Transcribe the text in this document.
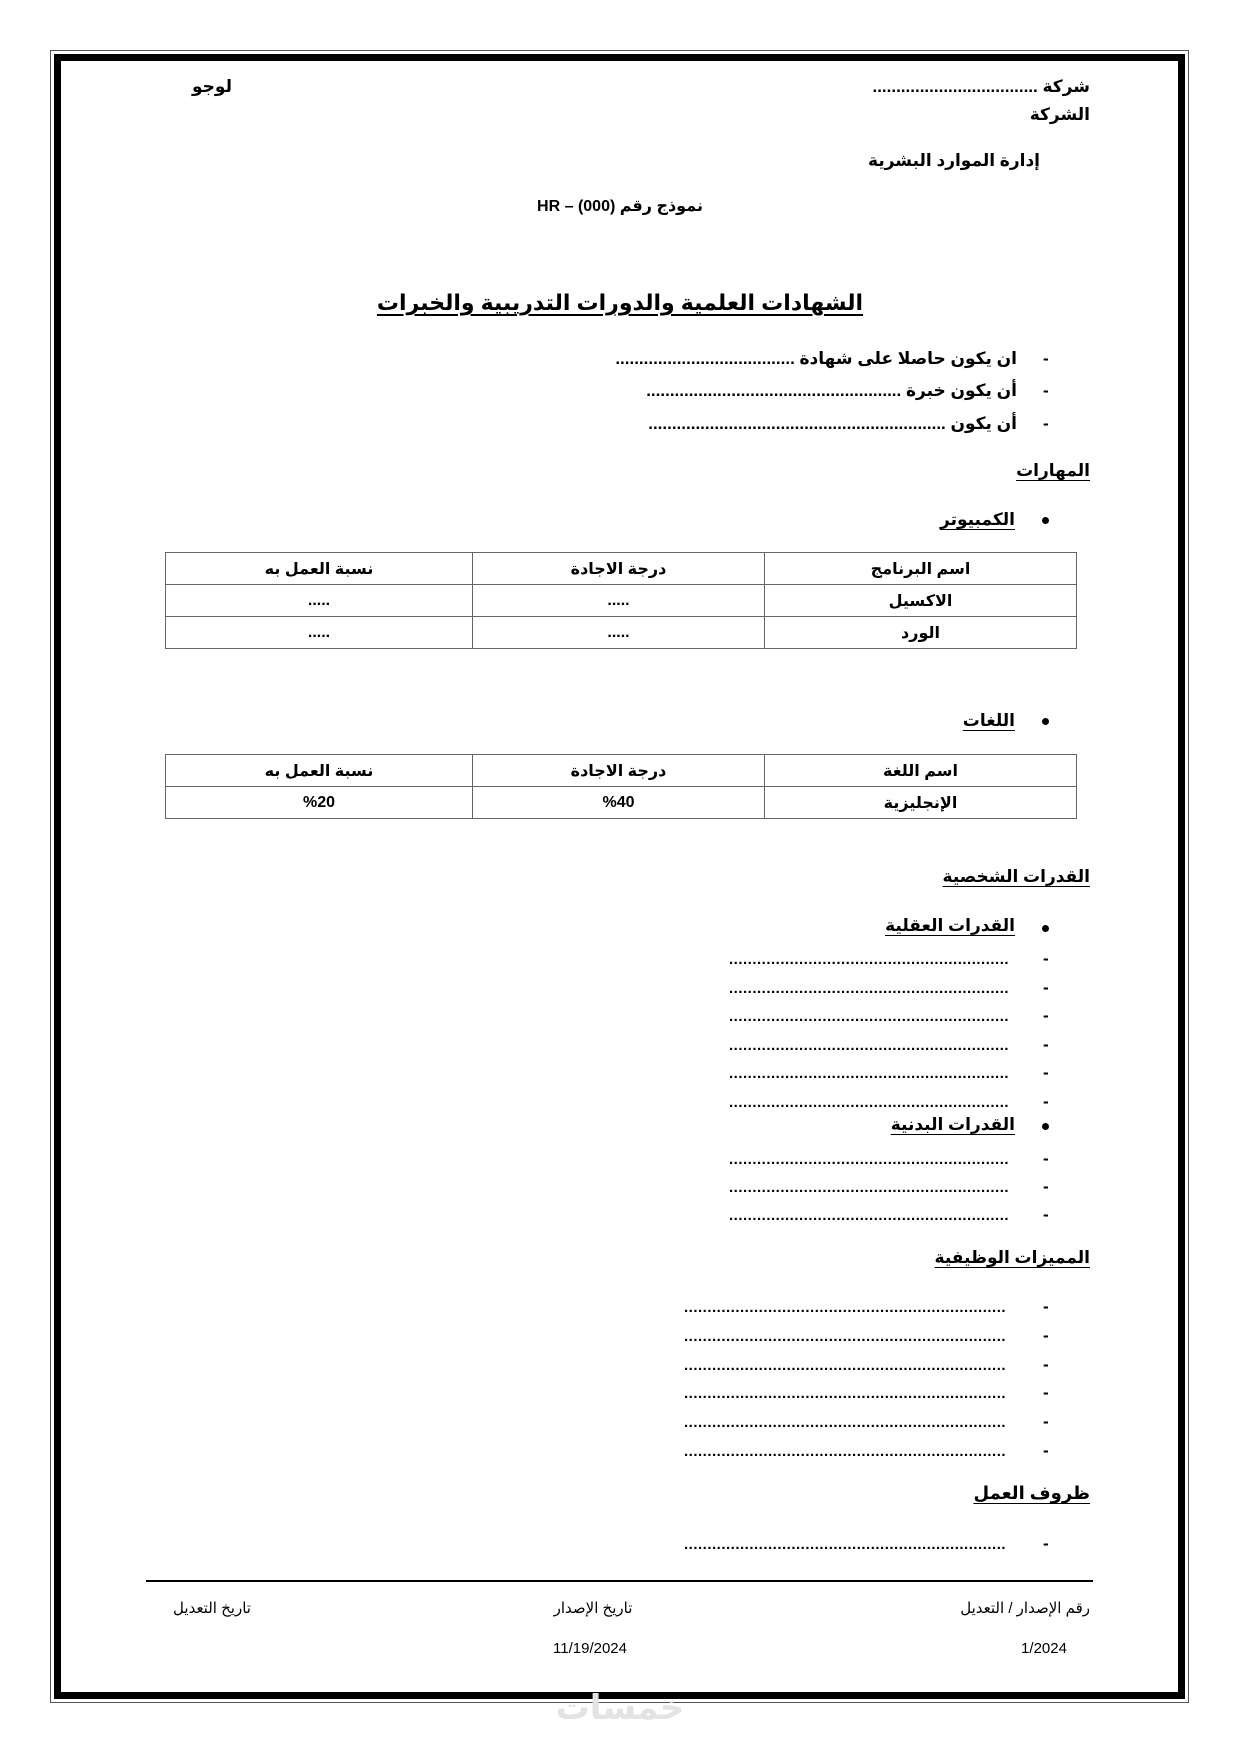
شركة ...................................
الشركة
لوجو
إدارة الموارد البشرية
نموذج رقم (000) – HR
الشهادات العلمية والدورات التدريبية والخبرات
-
ان يكون حاصلا على شهادة ......................................
-
أن يكون خبرة ......................................................
-
أن يكون ...............................................................
المهارات
الكمبيوتر
اسم البرنامج	درجة الاجادة	نسبة العمل به
الاكسيل	.....	.....
الورد	.....	.....
اللغات
اسم اللغة	درجة الاجادة	نسبة العمل به
الإنجليزية	%40	%20
القدرات الشخصية
القدرات العقلية
القدرات البدنية
المميزات الوظيفية
ظروف العمل
-
............................................................
-
............................................................
-
............................................................
-
............................................................
-
............................................................
-
............................................................
-
............................................................
-
............................................................
-
............................................................
-
.....................................................................
-
.....................................................................
-
.....................................................................
-
.....................................................................
-
.....................................................................
-
.....................................................................
-
.....................................................................
رقم الإصدار / التعديل
تاريخ الإصدار
تاريخ التعديل
1/2024
11/19/2024
خمسات
